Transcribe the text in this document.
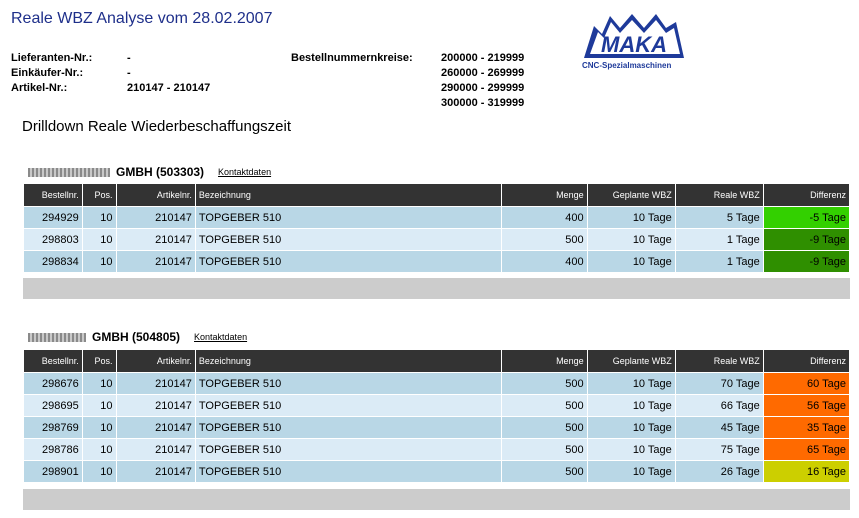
Reale WBZ Analyse vom 28.02.2007
Lieferanten-Nr.:	-
Einkäufer-Nr.:	-
Artikel-Nr.:	210147 - 210147
Bestellnummernkreise:	200000 - 219999
260000 - 269999
290000 - 299999
300000 - 319999
MAKA
CNC-Spezialmaschinen
Drilldown Reale Wiederbeschaffungszeit
GMBH (503303) Kontaktdaten
Bestellnr.	Pos.	Artikelnr.	Bezeichnung	Menge	Geplante WBZ	Reale WBZ	Differenz
294929	10	210147	TOPGEBER 510	400	10 Tage	5 Tage	-5 Tage
298803	10	210147	TOPGEBER 510	500	10 Tage	1 Tage	-9 Tage
298834	10	210147	TOPGEBER 510	400	10 Tage	1 Tage	-9 Tage
GMBH (504805) Kontaktdaten
Bestellnr.	Pos.	Artikelnr.	Bezeichnung	Menge	Geplante WBZ	Reale WBZ	Differenz
298676	10	210147	TOPGEBER 510	500	10 Tage	70 Tage	60 Tage
298695	10	210147	TOPGEBER 510	500	10 Tage	66 Tage	56 Tage
298769	10	210147	TOPGEBER 510	500	10 Tage	45 Tage	35 Tage
298786	10	210147	TOPGEBER 510	500	10 Tage	75 Tage	65 Tage
298901	10	210147	TOPGEBER 510	500	10 Tage	26 Tage	16 Tage
